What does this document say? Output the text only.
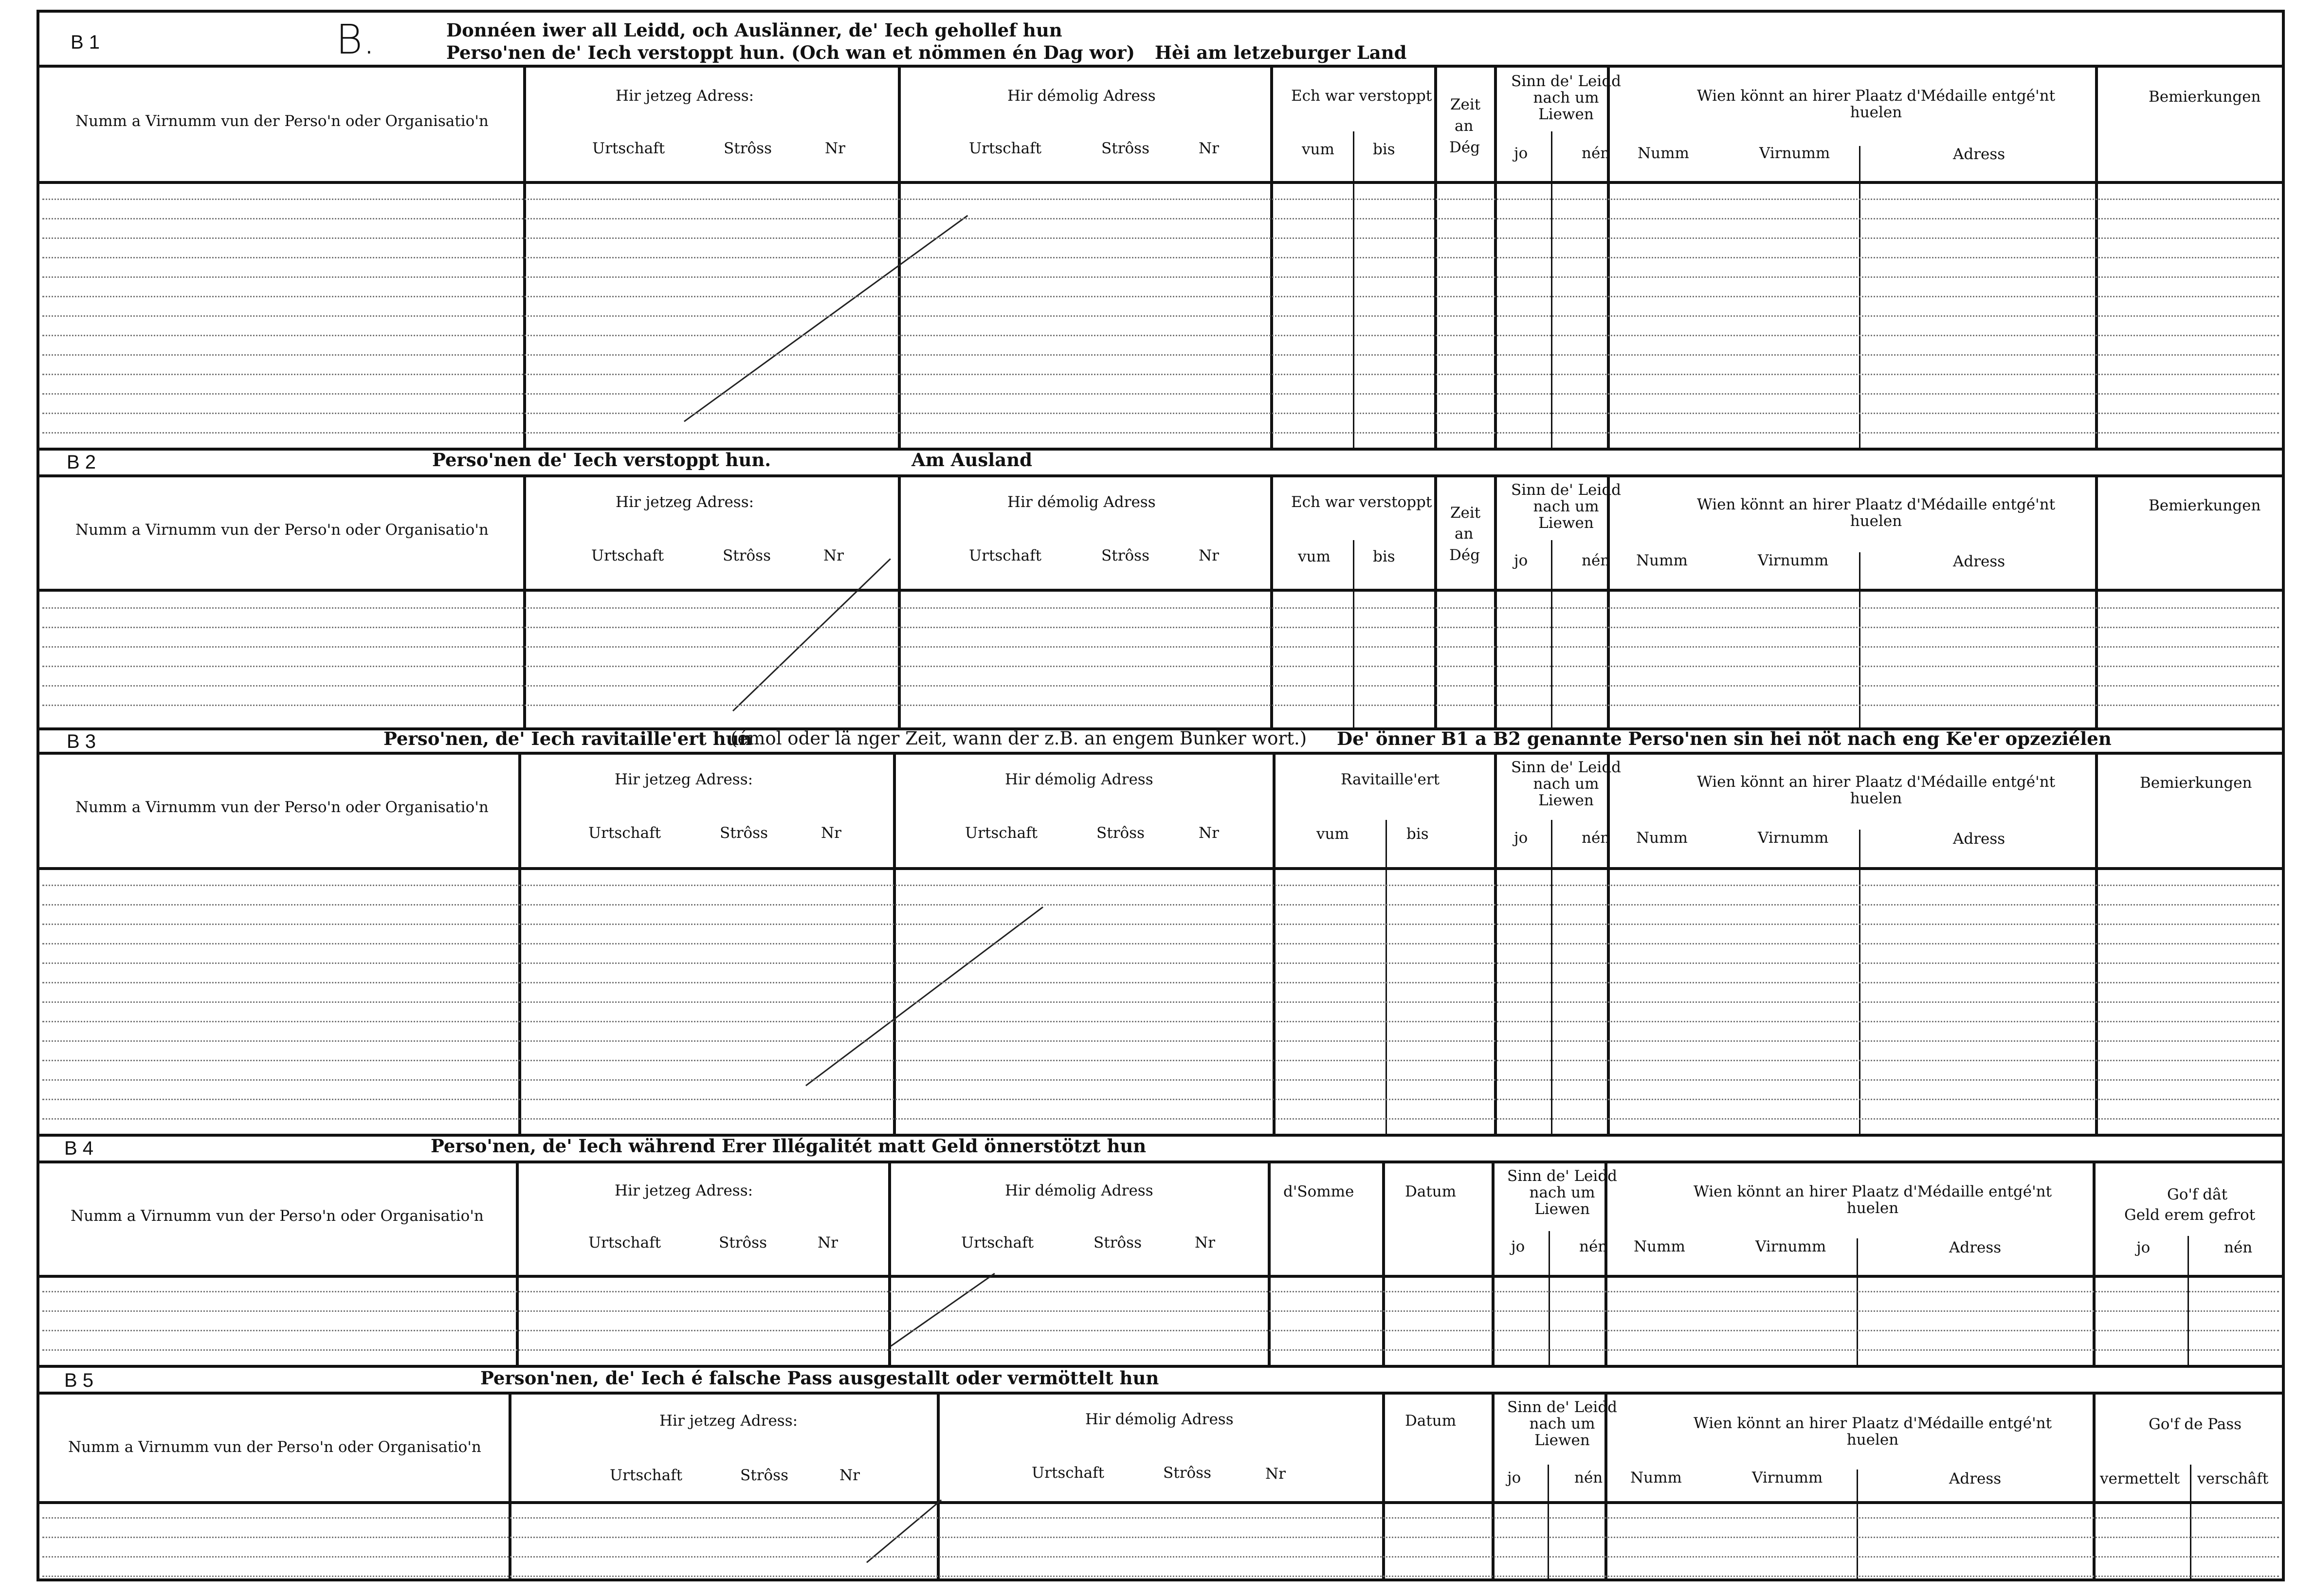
B 1	B.	Donnéen iwer all Leidd, och Auslänner, de' Iech gehollef hun
Perso'nen de' Iech verstoppt hun. (Och wan et nömmen én Dag wor) Hèi am letzeburger Land
Numm a Virnumm vun der Perso'n oder Organisatio'n
Hir jetzeg Adress:
Urtschaft	Strôss	Nr
Hir démolig Adress
Urtschaft	Strôss	Nr
Ech war verstoppt
vum	bis
Zeit
an
Dég
Sinn de' Leidd nach um Liewen
jo	nén
Wien könnt an hirer Plaatz d'Médaille entgé'nt huelen
Numm	Virnumm	Adress
Bemierkungen
B 2	Perso'nen de' Iech verstoppt hun.	Am Ausland
Numm a Virnumm vun der Perso'n oder Organisatio'n
Hir jetzeg Adress:
Urtschaft	Strôss	Nr
Hir démolig Adress
Urtschaft	Strôss	Nr
Ech war verstoppt
vum	bis
Zeit
an
Dég
Sinn de' Leidd nach um Liewen
jo	nén
Wien könnt an hirer Plaatz d'Médaille entgé'nt huelen
Numm	Virnumm	Adress
Bemierkungen
B 3	Perso'nen, de' Iech ravitaille'ert hun
(émol oder lä nger Zeit, wann der z.B. an engem Bunker wort.) De' önner B1 a B2 genannte Perso'nen sin hei nöt nach eng Ke'er opzeziélen
Numm a Virnumm vun der Perso'n oder Organisatio'n
Hir jetzeg Adress:
Urtschaft	Strôss	Nr
Hir démolig Adress
Urtschaft	Strôss	Nr
Ravitaille'ert
vum	bis
Sinn de' Leidd nach um Liewen
jo	nén
Wien könnt an hirer Plaatz d'Médaille entgé'nt huelen
Numm	Virnumm	Adress
Bemierkungen
B 4	Perso'nen, de' Iech während Erer Illégalitét matt Geld önnerstötzt hun
Numm a Virnumm vun der Perso'n oder Organisatio'n
Hir jetzeg Adress:
Urtschaft	Strôss	Nr
Hir démolig Adress
Urtschaft	Strôss	Nr
d'Somme	Datum
Sinn de' Leidd nach um Liewen
jo	nén
Wien könnt an hirer Plaatz d'Médaille entgé'nt huelen
Numm	Virnumm	Adress
Go'f dât
Geld erem gefrot
jo	nén
B 5	Person'nen, de' Iech é falsche Pass ausgestallt oder vermöttelt hun
Numm a Virnumm vun der Perso'n oder Organisatio'n
Hir jetzeg Adress:
Urtschaft	Strôss	Nr
Hir démolig Adress
Urtschaft	Strôss	Nr
Datum
Sinn de' Leidd nach um Liewen
jo	nén
Wien könnt an hirer Plaatz d'Médaille entgé'nt huelen
Numm	Virnumm	Adress
Go'f de Pass
vermettelt verschâft
